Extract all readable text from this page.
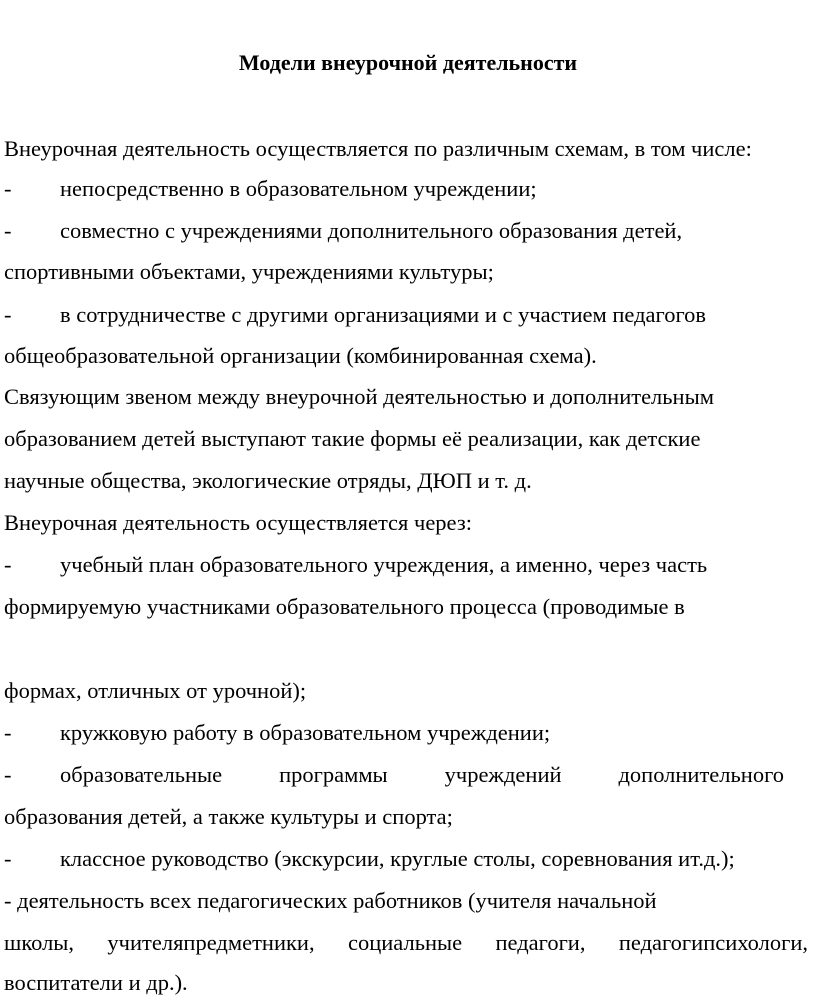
Модели внеурочной деятельности
Внеурочная деятельность осуществляется по различным схемам, в том числе:
- непосредственно в образовательном учреждении;
- совместно с учреждениями дополнительного образования детей,
спортивными объектами, учреждениями культуры;
- в сотрудничестве с другими организациями и с участием педагогов
общеобразовательной организации (комбинированная схема).
Связующим звеном между внеурочной деятельностью и дополнительным
образованием детей выступают такие формы её реализации, как детские
научные общества, экологические отряды, ДЮП и т. д.
Внеурочная деятельность осуществляется через:
- учебный план образовательного учреждения, а именно, через часть
формируемую участниками образовательного процесса (проводимые в
формах, отличных от урочной);
- кружковую работу в образовательном учреждении;
- образовательные	программы	учреждений	дополнительного
образования детей, а также культуры и спорта;
- классное руководство (экскурсии, круглые столы, соревнования ит.д.);
- деятельность всех педагогических работников (учителя начальной
школы, учителяпредметники, социальные педагоги, педагогипсихологи,
воспитатели и др.).
